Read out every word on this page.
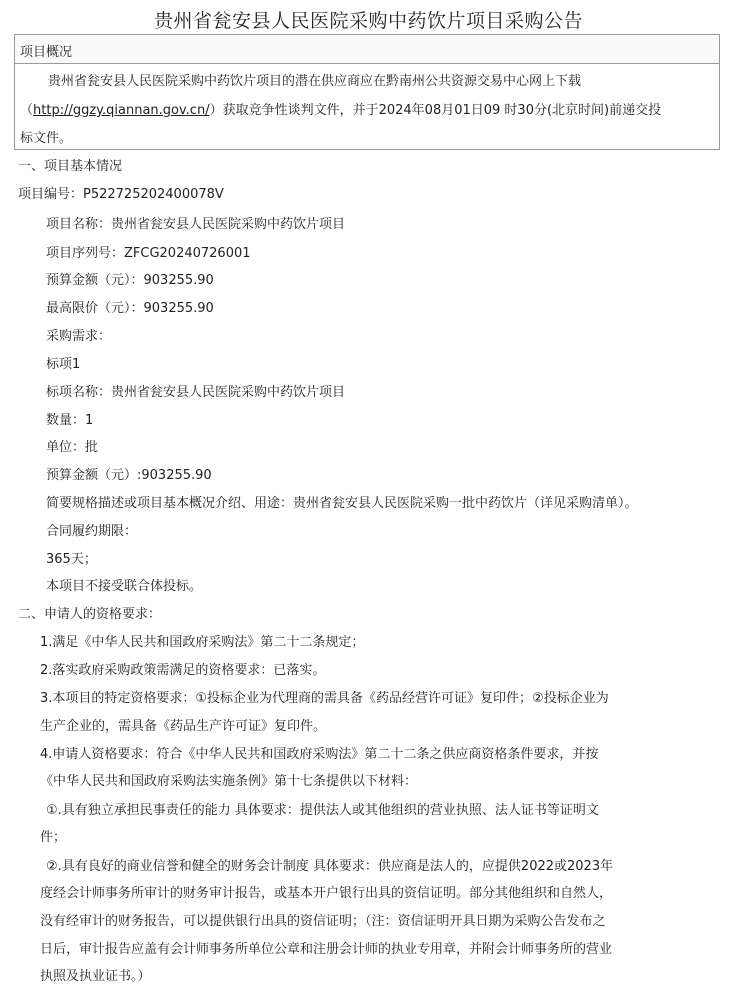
贵州省瓮安县人民医院采购中药饮片项目采购公告
项目概况
贵州省瓮安县人民医院采购中药饮片项目的潜在供应商应在黔南州公共资源交易中心网上下载
（http://ggzy.qiannan.gov.cn/）获取竞争性谈判文件，并于2024年08月01日09 时30分(北京时间)前递交投
标文件。
一、项目基本情况
项目编号：P522725202400078V
项目名称：贵州省瓮安县人民医院采购中药饮片项目
项目序列号：ZFCG20240726001
预算金额（元）：903255.90
最高限价（元）：903255.90
采购需求：
标项1
标项名称：贵州省瓮安县人民医院采购中药饮片项目
数量：1
单位：批
预算金额（元）:903255.90
简要规格描述或项目基本概况介绍、用途：贵州省瓮安县人民医院采购一批中药饮片（详见采购清单）。
合同履约期限：
365天；
本项目不接受联合体投标。
二、申请人的资格要求：
1.满足《中华人民共和国政府采购法》第二十二条规定；
2.落实政府采购政策需满足的资格要求：已落实。
3.本项目的特定资格要求：①投标企业为代理商的需具备《药品经营许可证》复印件；②投标企业为
生产企业的，需具备《药品生产许可证》复印件。
4.申请人资格要求：符合《中华人民共和国政府采购法》第二十二条之供应商资格条件要求，并按
《中华人民共和国政府采购法实施条例》第十七条提供以下材料：
①.具有独立承担民事责任的能力 具体要求：提供法人或其他组织的营业执照、法人证书等证明文
件；
②.具有良好的商业信誉和健全的财务会计制度 具体要求：供应商是法人的，应提供2022或2023年
度经会计师事务所审计的财务审计报告，或基本开户银行出具的资信证明。部分其他组织和自然人，
没有经审计的财务报告，可以提供银行出具的资信证明；（注：资信证明开具日期为采购公告发布之
日后，审计报告应盖有会计师事务所单位公章和注册会计师的执业专用章，并附会计师事务所的营业
执照及执业证书。）
